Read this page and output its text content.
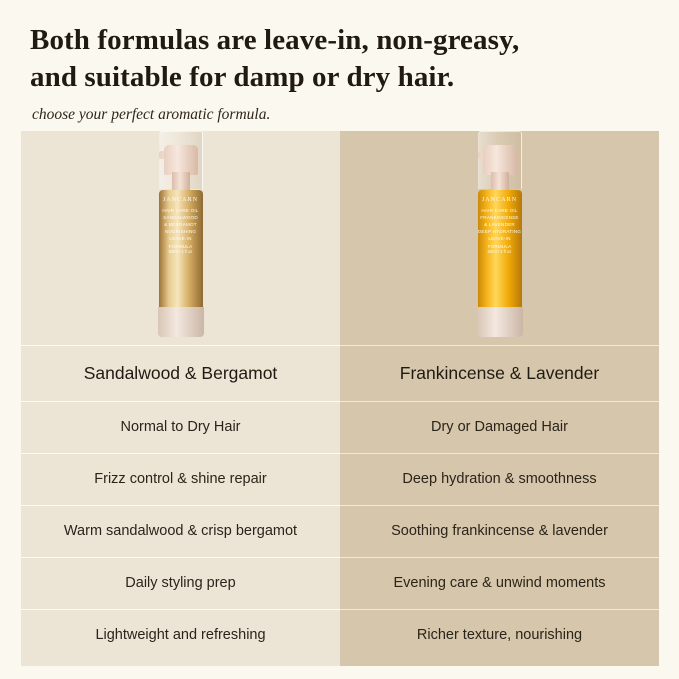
Both formulas are leave-in, non-greasy,
and suitable for damp or dry hair.
choose your perfect aromatic formula.
JANCARN
HAIR CARE OIL
SANDALWOOD
& BERGAMOT
NOURISHING
LEAVE-IN
FORMULA
60ml / 2 fl oz
Sandalwood & Bergamot
Normal to Dry Hair
Frizz control & shine repair
Warm sandalwood & crisp bergamot
Daily styling prep
Lightweight and refreshing
JANCARN
HAIR CARE OIL
FRANKINCENSE
& LAVENDER
DEEP HYDRATING
LEAVE-IN
FORMULA
60ml / 2 fl oz
Frankincense & Lavender
Dry or Damaged Hair
Deep hydration & smoothness
Soothing frankincense & lavender
Evening care & unwind moments
Richer texture, nourishing
